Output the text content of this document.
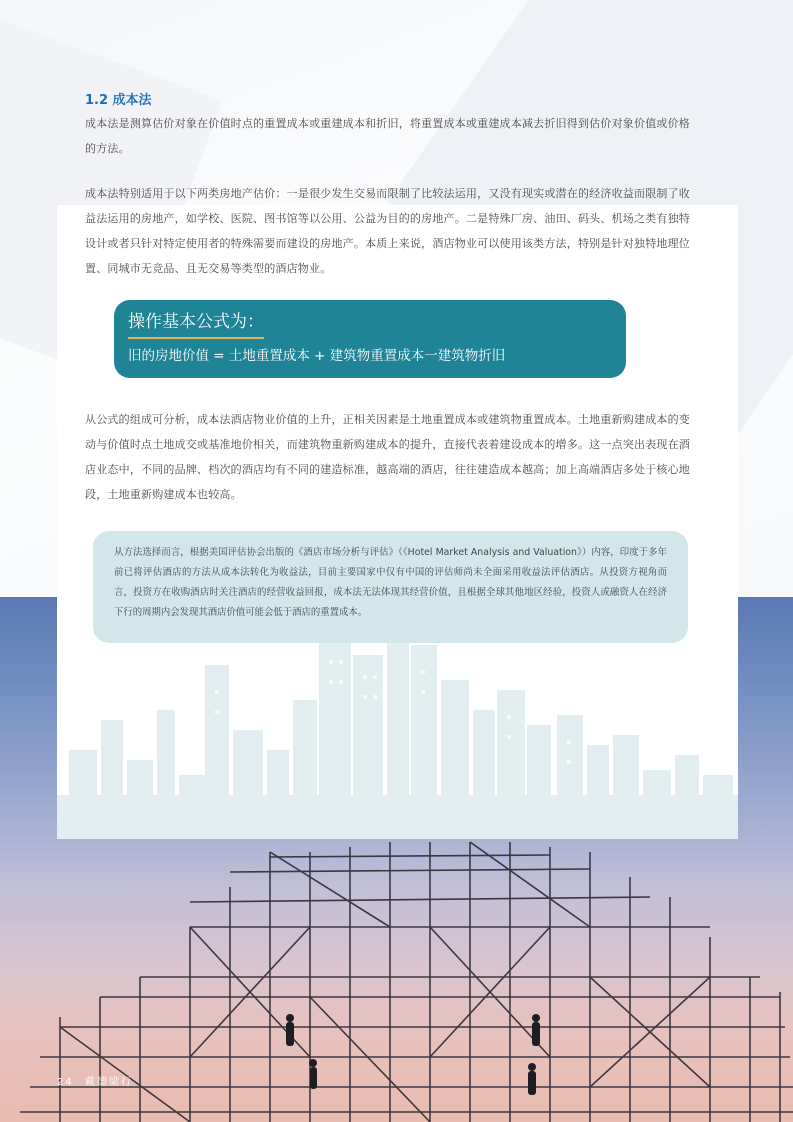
1.2 成本法

成本法是测算估价对象在价值时点的重置成本或重建成本和折旧，将重置成本或重建成本减去折旧得到估价对象价值或价格的方法。

成本法特别适用于以下两类房地产估价：一是很少发生交易而限制了比较法运用，又没有现实或潜在的经济收益而限制了收益法运用的房地产，如学校、医院、图书馆等以公用、公益为目的的房地产。二是特殊厂房、油田、码头、机场之类有独特设计或者只针对特定使用者的特殊需要而建设的房地产。本质上来说，酒店物业可以使用该类方法，特别是针对独特地理位置、同城市无竞品、且无交易等类型的酒店物业。

操作基本公式为：
旧的房地价值 = 土地重置成本 + 建筑物重置成本一建筑物折旧

从公式的组成可分析，成本法酒店物业价值的上升，正相关因素是土地重置成本或建筑物重置成本。土地重新购建成本的变动与价值时点土地成交或基准地价相关，而建筑物重新购建成本的提升，直接代表着建设成本的增多。这一点突出表现在酒店业态中，不同的品牌、档次的酒店均有不同的建造标准，越高端的酒店，往往建造成本越高；加上高端酒店多处于核心地段，土地重新购建成本也较高。

从方法选择而言，根据美国评估协会出版的《酒店市场分析与评估》（《Hotel Market Analysis and Valuation》）内容，印度于多年前已将评估酒店的方法从成本法转化为收益法，目前主要国家中仅有中国的评估师尚未全面采用收益法评估酒店。从投资方视角而言，投资方在收购酒店时关注酒店的经营收益回报，成本法无法体现其经营价值，且根据全球其他地区经验，投资人或融资人在经济下行的周期内会发现其酒店价值可能会低于酒店的重置成本。

24 戴德梁行
